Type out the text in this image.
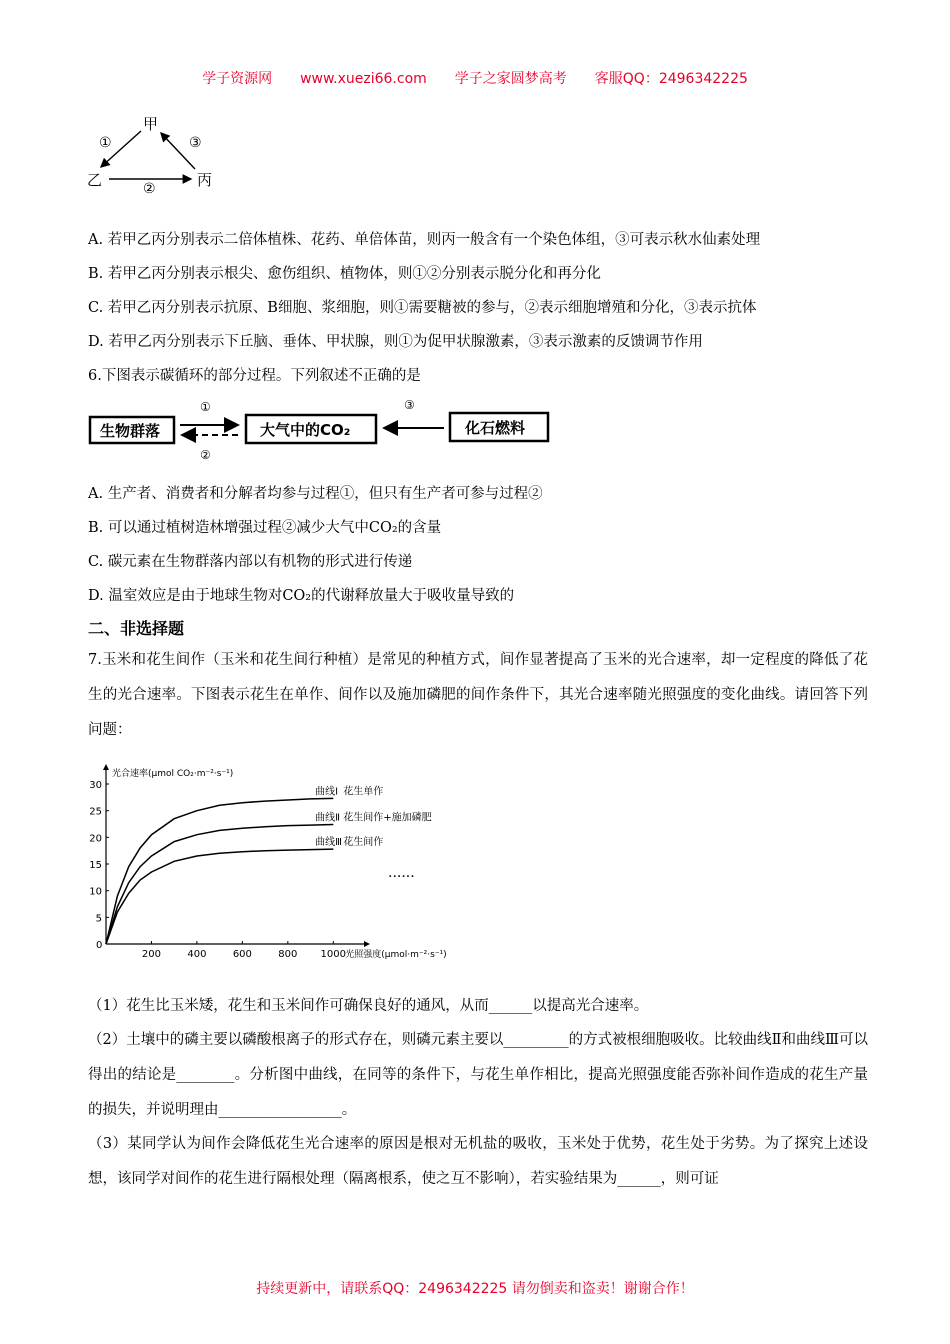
学子资源网 www.xuezi66.com 学子之家圆梦高考 客服QQ：2496342225
甲
乙	丙
①	③
②
A. 若甲乙丙分别表示二倍体植株、花药、单倍体苗，则丙一般含有一个染色体组，③可表示秋水仙素处理
B. 若甲乙丙分别表示根尖、愈伤组织、植物体，则①②分别表示脱分化和再分化
C. 若甲乙丙分别表示抗原、B细胞、浆细胞，则①需要糖被的参与，②表示细胞增殖和分化，③表示抗体
D. 若甲乙丙分别表示下丘脑、垂体、甲状腺，则①为促甲状腺激素，③表示激素的反馈调节作用
6.下图表示碳循环的部分过程。下列叙述不正确的是
生物群落	大气中的CO₂	化石燃料
①
②
③
A. 生产者、消费者和分解者均参与过程①，但只有生产者可参与过程②
B. 可以通过植树造林增强过程②减少大气中CO₂的含量
C. 碳元素在生物群落内部以有机物的形式进行传递
D. 温室效应是由于地球生物对CO₂的代谢释放量大于吸收量导致的
二、非选择题
7.玉米和花生间作（玉米和花生间行种植）是常见的种植方式，间作显著提高了玉米的光合速率，却一定程度的降低了花生的光合速率。下图表示花生在单作、间作以及施加磷肥的间作条件下，其光合速率随光照强度的变化曲线。请回答下列问题：
5
10
15
20
25
30
0
200	400	600	800 1000 光照强度(μmol·m⁻²·s⁻¹)
光合速率(μmol CO₂·m⁻²·s⁻¹)
曲线Ⅰ 花生单作
曲线Ⅱ 花生间作+施加磷肥
曲线Ⅲ 花生间作
......
（1）花生比玉米矮，花生和玉米间作可确保良好的通风，从而______以提高光合速率。
（2）土壤中的磷主要以磷酸根离子的形式存在，则磷元素主要以_________的方式被根细胞吸收。比较曲线Ⅱ和曲线Ⅲ可以得出的结论是________。分析图中曲线，在同等的条件下，与花生单作相比，提高光照强度能否弥补间作造成的花生产量的损失，并说明理由_________________。
（3）某同学认为间作会降低花生光合速率的原因是根对无机盐的吸收，玉米处于优势，花生处于劣势。为了探究上述设想，该同学对间作的花生进行隔根处理（隔离根系，使之互不影响），若实验结果为______，则可证
持续更新中，请联系QQ：2496342225 请勿倒卖和盗卖！谢谢合作！
